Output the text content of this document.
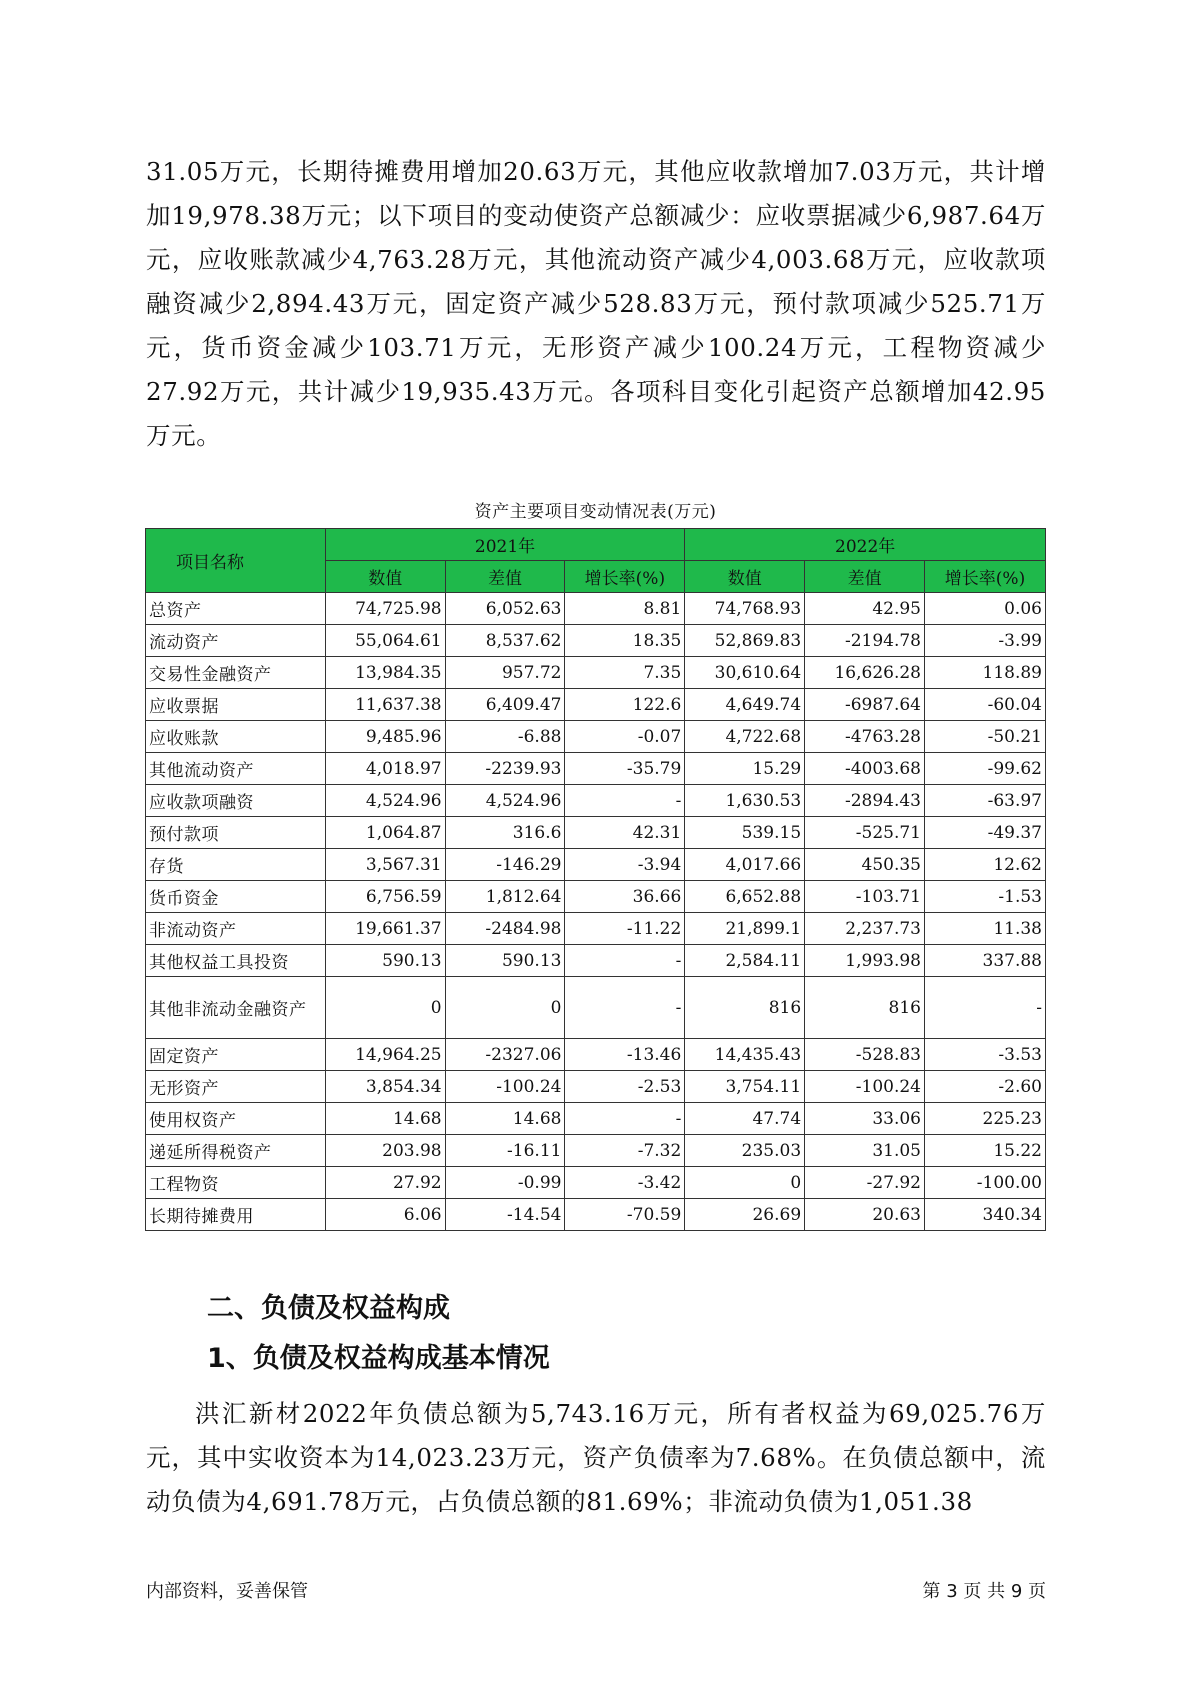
31.05万元，长期待摊费用增加20.63万元，其他应收款增加7.03万元，共计增加19,978.38万元；以下项目的变动使资产总额减少：应收票据减少6,987.64万元，应收账款减少4,763.28万元，其他流动资产减少4,003.68万元，应收款项融资减少2,894.43万元，固定资产减少528.83万元，预付款项减少525.71万元，货币资金减少103.71万元，无形资产减少100.24万元，工程物资减少27.92万元，共计减少19,935.43万元。各项科目变化引起资产总额增加42.95万元。

资产主要项目变动情况表(万元)
项目名称	2021年			2022年		
	数值	差值	增长率(%)	数值	差值	增长率(%)
总资产	74,725.98	6,052.63	8.81	74,768.93	42.95	0.06
流动资产	55,064.61	8,537.62	18.35	52,869.83	-2194.78	-3.99
交易性金融资产	13,984.35	957.72	7.35	30,610.64	16,626.28	118.89
应收票据	11,637.38	6,409.47	122.6	4,649.74	-6987.64	-60.04
应收账款	9,485.96	-6.88	-0.07	4,722.68	-4763.28	-50.21
其他流动资产	4,018.97	-2239.93	-35.79	15.29	-4003.68	-99.62
应收款项融资	4,524.96	4,524.96	-	1,630.53	-2894.43	-63.97
预付款项	1,064.87	316.6	42.31	539.15	-525.71	-49.37
存货	3,567.31	-146.29	-3.94	4,017.66	450.35	12.62
货币资金	6,756.59	1,812.64	36.66	6,652.88	-103.71	-1.53
非流动资产	19,661.37	-2484.98	-11.22	21,899.1	2,237.73	11.38
其他权益工具投资	590.13	590.13	-	2,584.11	1,993.98	337.88
其他非流动金融资产	0	0	-	816	816	-
固定资产	14,964.25	-2327.06	-13.46	14,435.43	-528.83	-3.53
无形资产	3,854.34	-100.24	-2.53	3,754.11	-100.24	-2.60
使用权资产	14.68	14.68	-	47.74	33.06	225.23
递延所得税资产	203.98	-16.11	-7.32	235.03	31.05	15.22
工程物资	27.92	-0.99	-3.42	0	-27.92	-100.00
长期待摊费用	6.06	-14.54	-70.59	26.69	20.63	340.34
二、负债及权益构成
1、负债及权益构成基本情况

洪汇新材2022年负债总额为5,743.16万元，所有者权益为69,025.76万元，其中实收资本为14,023.23万元，资产负债率为7.68%。在负债总额中，流动负债为4,691.78万元，占负债总额的81.69%；非流动负债为1,051.38

内部资料，妥善保管	第 3 页 共 9 页
